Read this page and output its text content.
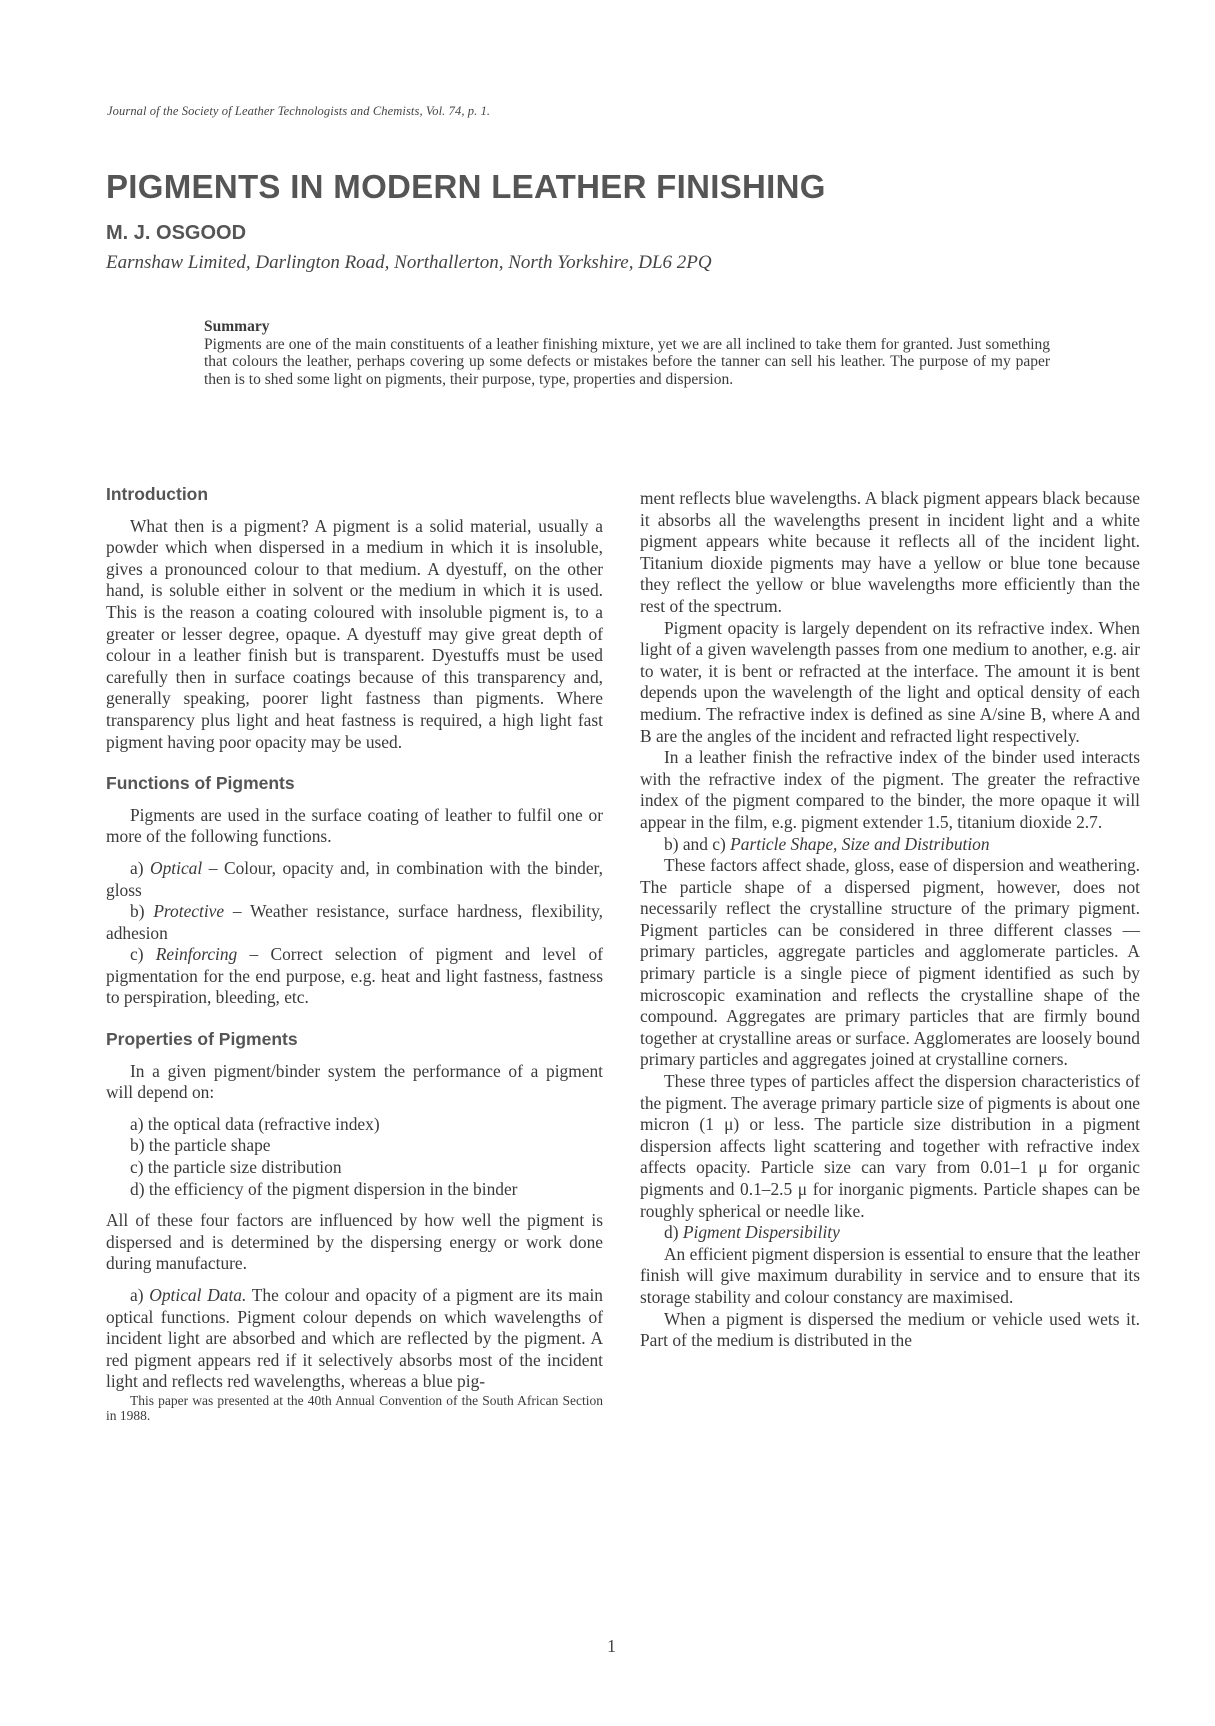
Journal of the Society of Leather Technologists and Chemists, Vol. 74, p. 1.
PIGMENTS IN MODERN LEATHER FINISHING
M. J. OSGOOD
Earnshaw Limited, Darlington Road, Northallerton, North Yorkshire, DL6 2PQ
Summary
Pigments are one of the main constituents of a leather finishing mixture, yet we are all inclined to take them for granted. Just something that colours the leather, perhaps covering up some defects or mistakes before the tanner can sell his leather. The purpose of my paper then is to shed some light on pigments, their purpose, type, properties and dispersion.
Introduction

What then is a pigment? A pigment is a solid material, usually a powder which when dispersed in a medium in which it is insoluble, gives a pronounced colour to that medium. A dyestuff, on the other hand, is soluble either in solvent or the medium in which it is used. This is the reason a coating coloured with insoluble pigment is, to a greater or lesser degree, opaque. A dyestuff may give great depth of colour in a leather finish but is transparent. Dyestuffs must be used carefully then in surface coatings because of this transparency and, generally speaking, poorer light fastness than pigments. Where transparency plus light and heat fastness is required, a high light fast pigment having poor opacity may be used.

Functions of Pigments

Pigments are used in the surface coating of leather to fulfil one or more of the following functions.

a) Optical – Colour, opacity and, in combination with the binder, gloss

b) Protective – Weather resistance, surface hardness, flexibility, adhesion

c) Reinforcing – Correct selection of pigment and level of pigmentation for the end purpose, e.g. heat and light fastness, fastness to perspiration, bleeding, etc.

Properties of Pigments

In a given pigment/binder system the performance of a pigment will depend on:

a) the optical data (refractive index)

b) the particle shape

c) the particle size distribution

d) the efficiency of the pigment dispersion in the binder

All of these four factors are influenced by how well the pigment is dispersed and is determined by the dispersing energy or work done during manufacture.

a) Optical Data. The colour and opacity of a pigment are its main optical functions. Pigment colour depends on which wavelengths of incident light are absorbed and which are reflected by the pigment. A red pigment appears red if it selectively absorbs most of the incident light and reflects red wavelengths, whereas a blue pig-

This paper was presented at the 40th Annual Convention of the South African Section in 1988.

ment reflects blue wavelengths. A black pigment appears black because it absorbs all the wavelengths present in incident light and a white pigment appears white because it reflects all of the incident light. Titanium dioxide pigments may have a yellow or blue tone because they reflect the yellow or blue wavelengths more efficiently than the rest of the spectrum.

Pigment opacity is largely dependent on its refractive index. When light of a given wavelength passes from one medium to another, e.g. air to water, it is bent or refracted at the interface. The amount it is bent depends upon the wavelength of the light and optical density of each medium. The refractive index is defined as sine A/sine B, where A and B are the angles of the incident and refracted light respectively.

In a leather finish the refractive index of the binder used interacts with the refractive index of the pigment. The greater the refractive index of the pigment compared to the binder, the more opaque it will appear in the film, e.g. pigment extender 1.5, titanium dioxide 2.7.

b) and c) Particle Shape, Size and Distribution

These factors affect shade, gloss, ease of dispersion and weathering. The particle shape of a dispersed pigment, however, does not necessarily reflect the crystalline structure of the primary pigment. Pigment particles can be considered in three different classes — primary particles, aggregate particles and agglomerate particles. A primary particle is a single piece of pigment identified as such by microscopic examination and reflects the crystalline shape of the compound. Aggregates are primary particles that are firmly bound together at crystalline areas or surface. Agglomerates are loosely bound primary particles and aggregates joined at crystalline corners.

These three types of particles affect the dispersion characteristics of the pigment. The average primary particle size of pigments is about one micron (1 μ) or less. The particle size distribution in a pigment dispersion affects light scattering and together with refractive index affects opacity. Particle size can vary from 0.01–1 μ for organic pigments and 0.1–2.5 μ for inorganic pigments. Particle shapes can be roughly spherical or needle like.

d) Pigment Dispersibility

An efficient pigment dispersion is essential to ensure that the leather finish will give maximum durability in service and to ensure that its storage stability and colour constancy are maximised.

When a pigment is dispersed the medium or vehicle used wets it. Part of the medium is distributed in the

1
